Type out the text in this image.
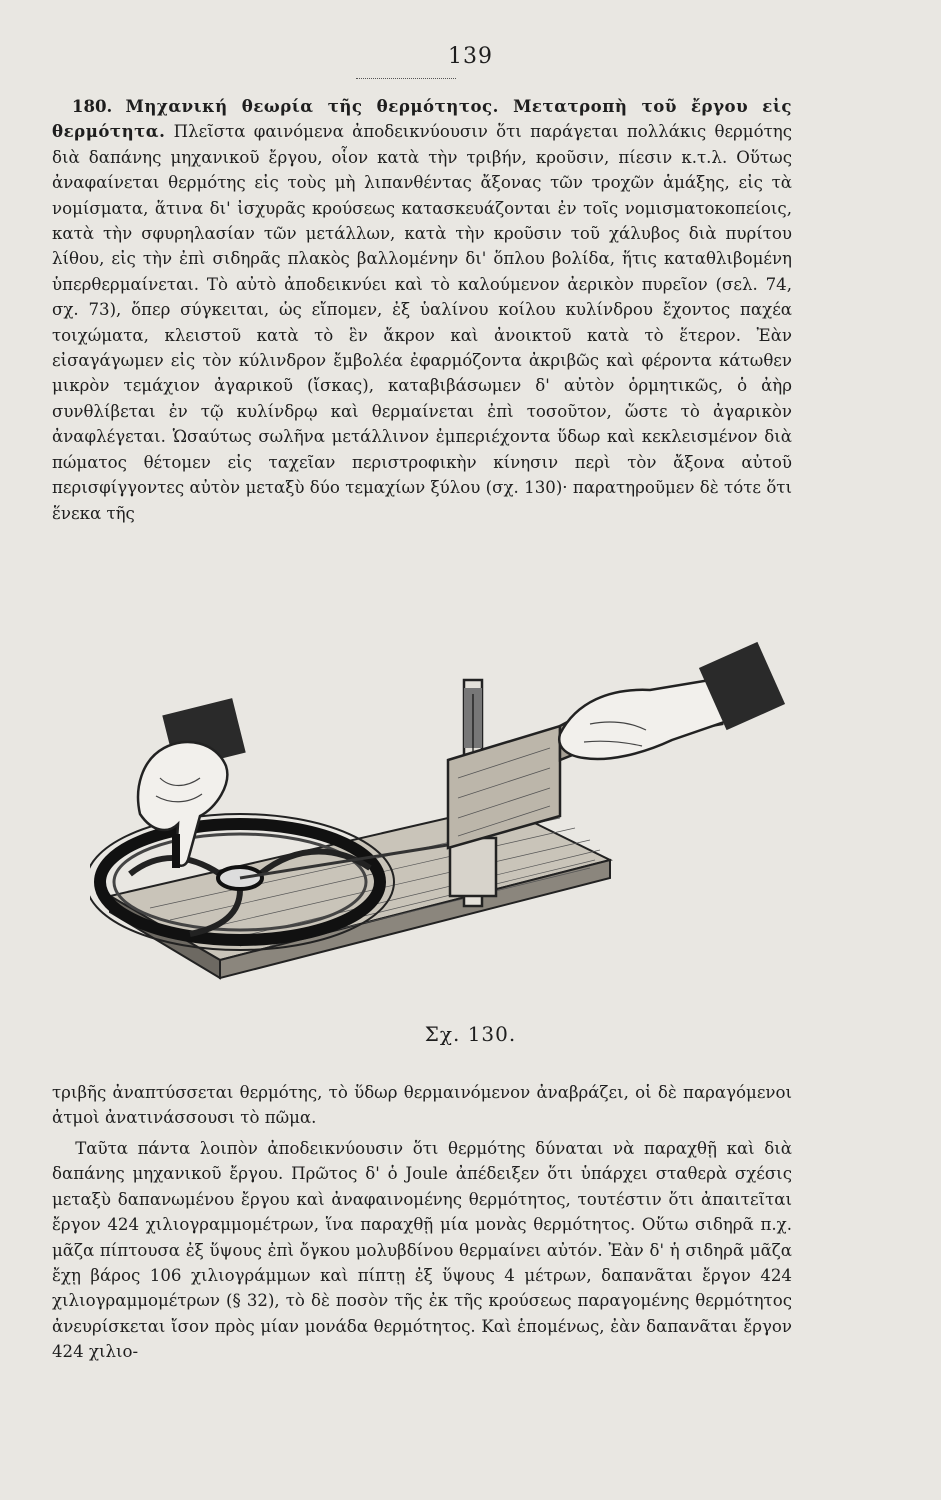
139
180. Μηχανική θεωρία τῆς θερμότητος. Μετατροπὴ τοῦ ἔργου εἰς θερμότητα. Πλεῖστα φαινόμενα ἀποδεικνύουσιν ὅτι παράγεται πολλάκις θερμότης διὰ δαπάνης μηχανικοῦ ἔργου, οἷον κατὰ τὴν τριβήν, κροῦσιν, πίεσιν κ.τ.λ. Οὕτως ἀναφαίνεται θερμότης εἰς τοὺς μὴ λιπανθέντας ἄξονας τῶν τροχῶν ἁμάξης, εἰς τὰ νομίσματα, ἅτινα δι' ἰσχυρᾶς κρούσεως κατασκευάζονται ἐν τοῖς νομισματοκοπείοις, κατὰ τὴν σφυρηλασίαν τῶν μετάλλων, κατὰ τὴν κροῦσιν τοῦ χάλυβος διὰ πυρίτου λίθου, εἰς τὴν ἐπὶ σιδηρᾶς πλακὸς βαλλομένην δι' ὅπλου βολίδα, ἥτις καταθλιβομένη ὑπερθερμαίνεται. Τὸ αὐτὸ ἀποδεικνύει καὶ τὸ καλούμενον ἀερικὸν πυρεῖον (σελ. 74, σχ. 73), ὅπερ σύγκειται, ὡς εἴπομεν, ἐξ ὑαλίνου κοίλου κυλίνδρου ἔχοντος παχέα τοιχώματα, κλειστοῦ κατὰ τὸ ἓν ἄκρον καὶ ἀνοικτοῦ κατὰ τὸ ἕτερον. Ἐὰν εἰσαγάγωμεν εἰς τὸν κύλινδρον ἔμβολέα ἐφαρμόζοντα ἀκριβῶς καὶ φέροντα κάτωθεν μικρὸν τεμάχιον ἀγαρικοῦ (ἴσκας), καταβιβάσωμεν δ' αὐτὸν ὁρμητικῶς, ὁ ἀὴρ συνθλίβεται ἐν τῷ κυλίνδρῳ καὶ θερμαίνεται ἐπὶ τοσοῦτον, ὥστε τὸ ἀγαρικὸν ἀναφλέγεται. Ὡσαύτως σωλῆνα μετάλλινον ἐμπεριέχοντα ὕδωρ καὶ κεκλεισμένον διὰ πώματος θέτομεν εἰς ταχεῖαν περιστροφικὴν κίνησιν περὶ τὸν ἄξονα αὐτοῦ περισφίγγοντες αὐτὸν μεταξὺ δύο τεμαχίων ξύλου (σχ. 130)· παρατηροῦμεν δὲ τότε ὅτι ἕνεκα τῆς
Σχ. 130.

τριβῆς ἀναπτύσσεται θερμότης, τὸ ὕδωρ θερμαινόμενον ἀναβράζει, οἱ δὲ παραγόμενοι ἀτμοὶ ἀνατινάσσουσι τὸ πῶμα.

Ταῦτα πάντα λοιπὸν ἀποδεικνύουσιν ὅτι θερμότης δύναται νὰ παραχθῇ καὶ διὰ δαπάνης μηχανικοῦ ἔργου. Πρῶτος δ' ὁ Joule ἀπέδειξεν ὅτι ὑπάρχει σταθερὰ σχέσις μεταξὺ δαπανωμένου ἔργου καὶ ἀναφαινομένης θερμότητος, τουτέστιν ὅτι ἀπαιτεῖται ἔργον 424 χιλιογραμμομέτρων, ἵνα παραχθῇ μία μονὰς θερμότητος. Οὕτω σιδηρᾶ π.χ. μᾶζα πίπτουσα ἐξ ὕψους ἐπὶ ὄγκου μολυβδίνου θερμαίνει αὐτόν. Ἐὰν δ' ἡ σιδηρᾶ μᾶζα ἔχῃ βάρος 106 χιλιογράμμων καὶ πίπτῃ ἐξ ὕψους 4 μέτρων, δαπανᾶται ἔργον 424 χιλιογραμμομέτρων (§ 32), τὸ δὲ ποσὸν τῆς ἐκ τῆς κρούσεως παραγομένης θερμότητος ἀνευρίσκεται ἴσον πρὸς μίαν μονάδα θερμότητος. Καὶ ἑπομένως, ἐὰν δαπανᾶται ἔργον 424 χιλιο-
